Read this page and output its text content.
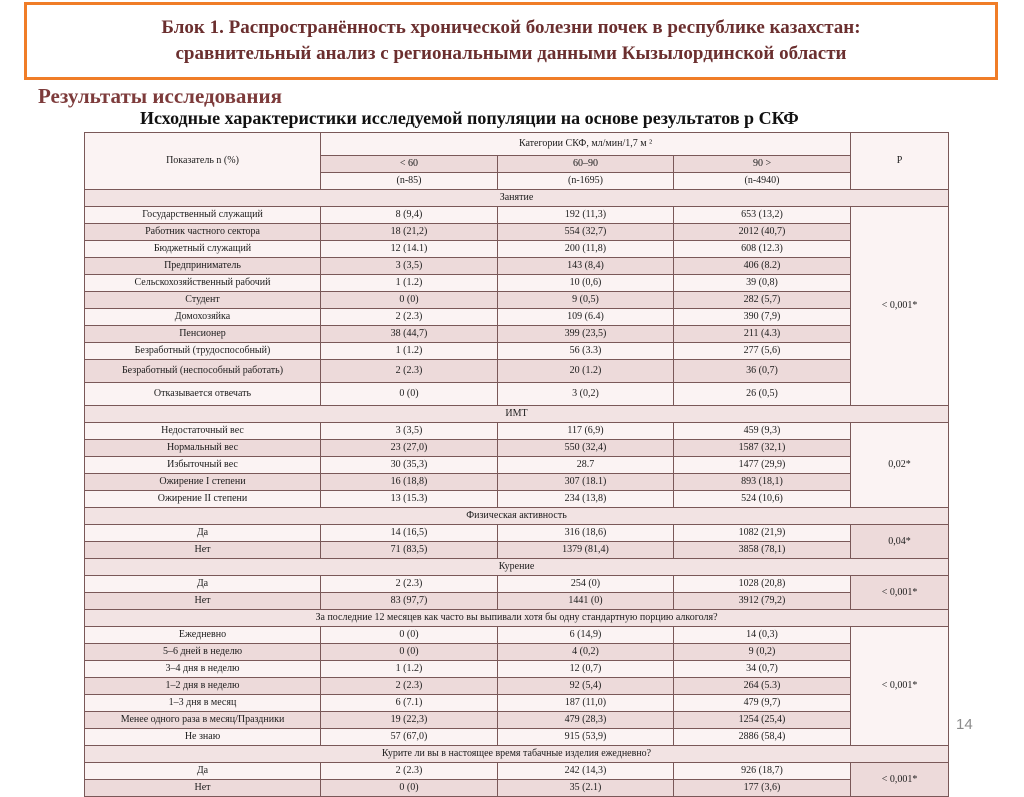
Блок 1. Распространённость хронической болезни почек в республике казахстан:
сравнительный анализ с региональными данными Кызылординской области
Результаты исследования
Исходные характеристики исследуемой популяции на основе результатов р СКФ
Показатель n (%)	Категории СКФ, мл/мин/1,7 м ²			P
	< 60	60–90	90 >	
	(n-85)	(n-1695)	(n-4940)	
Занятие				
Государственный служащий	8 (9,4)	192 (11,3)	653 (13,2)	< 0,001*
Работник частного сектора	18 (21,2)	554 (32,7)	2012 (40,7)	
Бюджетный служащий	12 (14.1)	200 (11,8)	608 (12.3)	
Предприниматель	3 (3,5)	143 (8,4)	406 (8.2)	
Сельскохозяйственный рабочий	1 (1.2)	10 (0,6)	39 (0,8)	
Студент	0 (0)	9 (0,5)	282 (5,7)	
Домохозяйка	2 (2.3)	109 (6.4)	390 (7,9)	
Пенсионер	38 (44,7)	399 (23,5)	211 (4.3)	
Безработный (трудоспособный)	1 (1.2)	56 (3.3)	277 (5,6)	
Безработный (неспособный работать)	2 (2.3)	20 (1.2)	36 (0,7)	
Отказывается отвечать	0 (0)	3 (0,2)	26 (0,5)	
ИМТ				
Недостаточный вес	3 (3,5)	117 (6,9)	459 (9,3)	0,02*
Нормальный вес	23 (27,0)	550 (32,4)	1587 (32,1)	
Избыточный вес	30 (35,3)	28.7	1477 (29,9)	
Ожирение I степени	16 (18,8)	307 (18.1)	893 (18,1)	
Ожирение II степени	13 (15.3)	234 (13,8)	524 (10,6)	
Физическая активность				
Да	14 (16,5)	316 (18,6)	1082 (21,9)	0,04*
Нет	71 (83,5)	1379 (81,4)	3858 (78,1)	
Курение				
Да	2 (2.3)	254 (0)	1028 (20,8)	< 0,001*
Нет	83 (97,7)	1441 (0)	3912 (79,2)	
За последние 12 месяцев как часто вы выпивали хотя бы одну стандартную порцию алкоголя?				
Ежедневно	0 (0)	6 (14,9)	14 (0,3)	< 0,001*
5–6 дней в неделю	0 (0)	4 (0,2)	9 (0,2)	
3–4 дня в неделю	1 (1.2)	12 (0,7)	34 (0,7)	
1–2 дня в неделю	2 (2.3)	92 (5,4)	264 (5.3)	
1–3 дня в месяц	6 (7.1)	187 (11,0)	479 (9,7)	
Менее одного раза в месяц/Праздники	19 (22,3)	479 (28,3)	1254 (25,4)	
Не знаю	57 (67,0)	915 (53,9)	2886 (58,4)	
Курите ли вы в настоящее время табачные изделия ежедневно?				
Да	2 (2.3)	242 (14,3)	926 (18,7)	< 0,001*
Нет	0 (0)	35 (2.1)	177 (3,6)	
14
